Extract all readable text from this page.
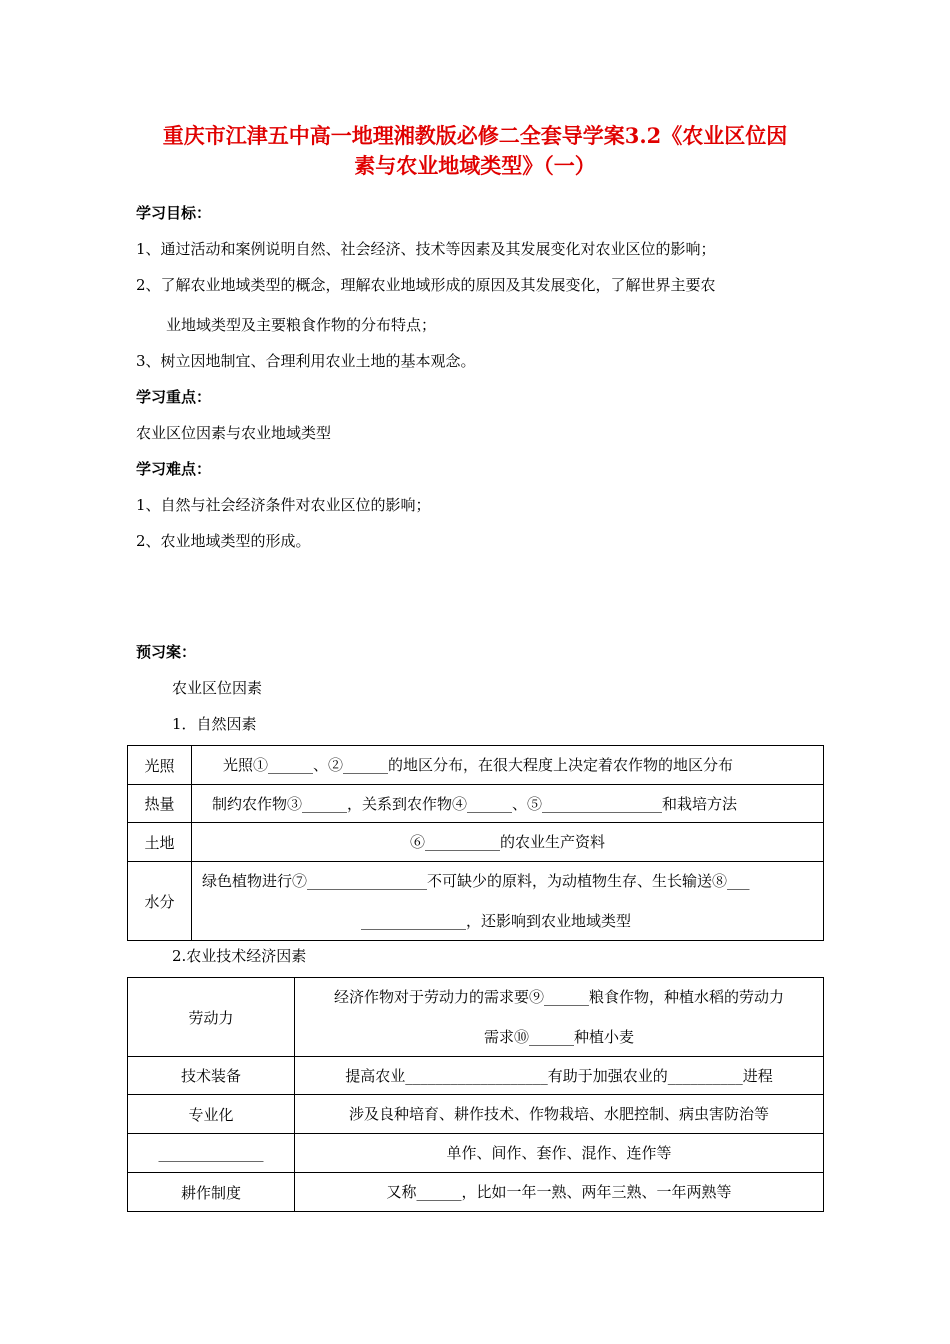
重庆市江津五中高一地理湘教版必修二全套导学案3.2《农业区位因
素与农业地域类型》（一）
学习目标：
1、通过活动和案例说明自然、社会经济、技术等因素及其发展变化对农业区位的影响；
2、了解农业地域类型的概念，理解农业地域形成的原因及其发展变化，了解世界主要农
业地域类型及主要粮食作物的分布特点；
3、树立因地制宜、合理利用农业土地的基本观念。
学习重点：
农业区位因素与农业地域类型
学习难点：
1、自然与社会经济条件对农业区位的影响；
2、农业地域类型的形成。
预习案：
农业区位因素
1．自然因素
光照	光照①______、②______的地区分布，在很大程度上决定着农作物的地区分布

热量	制约农作物③______，关系到农作物④______、⑤________________和栽培方法

土地	⑥__________的农业生产资料

水分	绿色植物进行⑦________________不可缺少的原料，为动植物生存、生长输送⑧___
______________，还影响到农业地域类型
2.农业技术经济因素
劳动力	经济作物对于劳动力的需求要⑨______粮食作物，种植水稻的劳动力
需求⑩______种植小麦

技术装备	提高农业___________________有助于加强农业的__________进程

专业化	涉及良种培育、耕作技术、作物栽培、水肥控制、病虫害防治等

______________	单作、间作、套作、混作、连作等

耕作制度	又称______，比如一年一熟、两年三熟、一年两熟等
